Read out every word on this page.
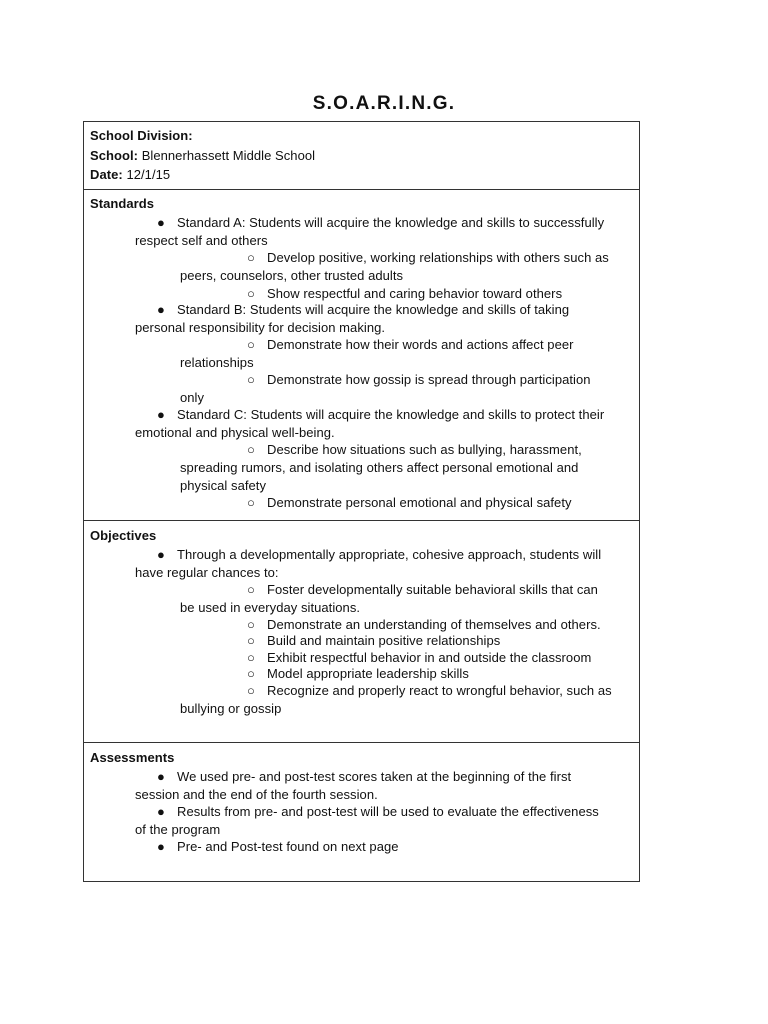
S.O.A.R.I.N.G.
School Division:
School: Blennerhassett Middle School
Date: 12/1/15
Standards
● Standard A: Students will acquire the knowledge and skills to successfully
respect self and others
○ Develop positive, working relationships with others such as
peers, counselors, other trusted adults
○ Show respectful and caring behavior toward others
● Standard B: Students will acquire the knowledge and skills of taking
personal responsibility for decision making.
○ Demonstrate how their words and actions affect peer
relationships
○ Demonstrate how gossip is spread through participation
only
● Standard C: Students will acquire the knowledge and skills to protect their
emotional and physical well-being.
○ Describe how situations such as bullying, harassment,
spreading rumors, and isolating others affect personal emotional and
physical safety
○ Demonstrate personal emotional and physical safety
Objectives
● Through a developmentally appropriate, cohesive approach, students will
have regular chances to:
○ Foster developmentally suitable behavioral skills that can
be used in everyday situations.
○ Demonstrate an understanding of themselves and others.
○ Build and maintain positive relationships
○ Exhibit respectful behavior in and outside the classroom
○ Model appropriate leadership skills
○ Recognize and properly react to wrongful behavior, such as
bullying or gossip
Assessments
● We used pre- and post-test scores taken at the beginning of the first
session and the end of the fourth session.
● Results from pre- and post-test will be used to evaluate the effectiveness
of the program
● Pre- and Post-test found on next page
